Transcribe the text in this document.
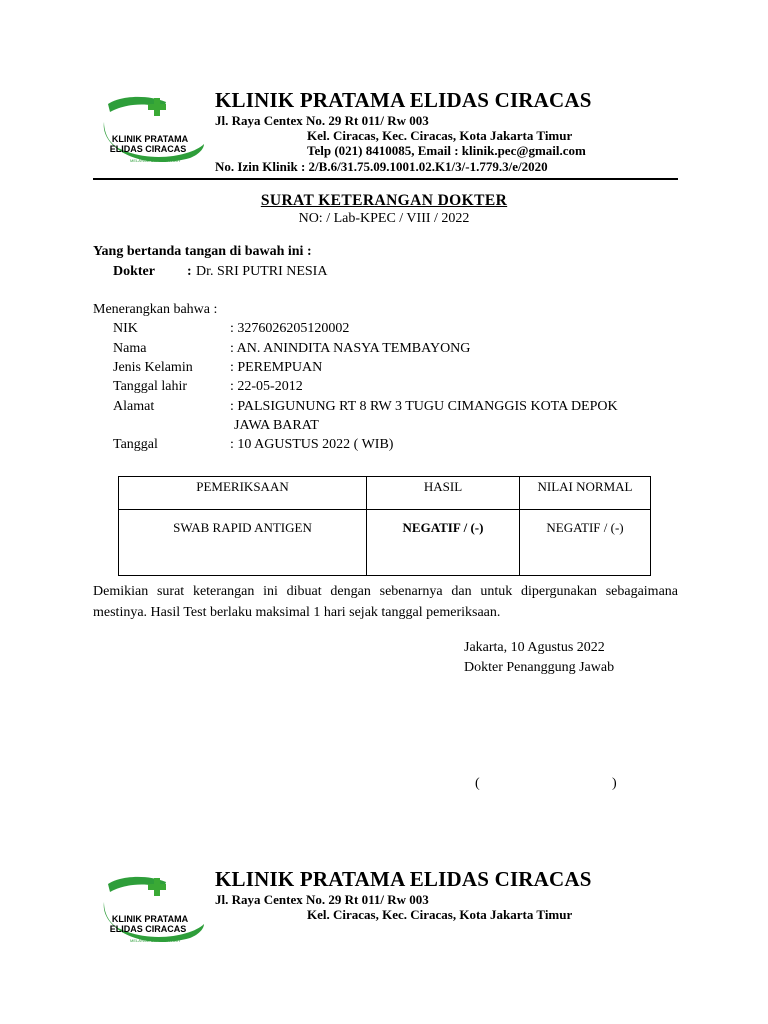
KLINIK PRATAMA
ELIDAS CIRACAS
MELAYANI SEPENUH HATI
KLINIK PRATAMA ELIDAS CIRACAS
Jl. Raya Centex No. 29 Rt 011/ Rw 003
Kel. Ciracas, Kec. Ciracas, Kota Jakarta Timur
Telp (021) 8410085, Email : klinik.pec@gmail.com
No. Izin Klinik : 2/B.6/31.75.09.1001.02.K1/3/-1.779.3/e/2020
SURAT KETERANGAN DOKTER
NO: / Lab-KPEC / VIII / 2022
Yang bertanda tangan di bawah ini :
Dokter : Dr. SRI PUTRI NESIA
Menerangkan bahwa :
NIK	: 3276026205120002
Nama	: AN. ANINDITA NASYA TEMBAYONG
Jenis Kelamin	: PEREMPUAN
Tanggal lahir	: 22-05-2012
Alamat	: PALSIGUNUNG RT 8 RW 3 TUGU CIMANGGIS KOTA DEPOK
JAWA BARAT
Tanggal	: 10 AGUSTUS 2022 ( WIB)
PEMERIKSAAN	HASIL	NILAI NORMAL
SWAB RAPID ANTIGEN	NEGATIF / (-)	NEGATIF / (-)
Demikian surat keterangan ini dibuat dengan sebenarnya dan untuk dipergunakan sebagaimana mestinya. Hasil Test berlaku maksimal 1 hari sejak tanggal pemeriksaan.
Jakarta, 10 Agustus 2022
Dokter Penanggung Jawab
(	)
KLINIK PRATAMA
ELIDAS CIRACAS
MELAYANI SEPENUH HATI
KLINIK PRATAMA ELIDAS CIRACAS
Jl. Raya Centex No. 29 Rt 011/ Rw 003
Kel. Ciracas, Kec. Ciracas, Kota Jakarta Timur
